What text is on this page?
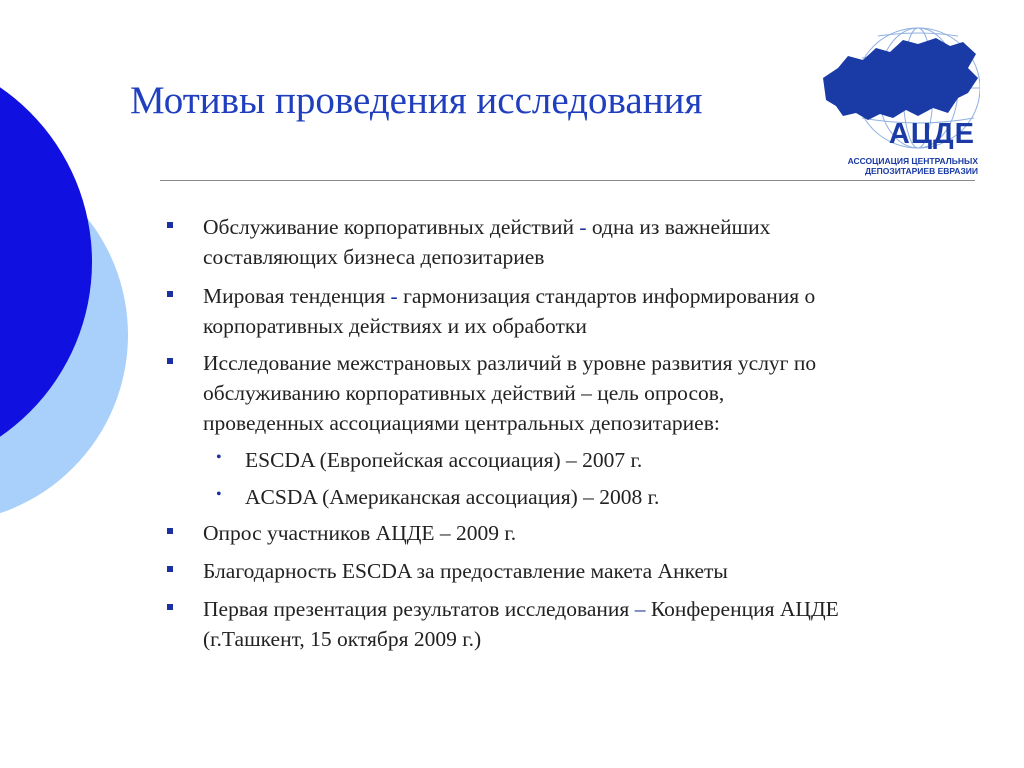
Мотивы проведения исследования
АЦДЕ
АССОЦИАЦИЯ ЦЕНТРАЛЬНЫХ
ДЕПОЗИТАРИЕВ ЕВРАЗИИ
Обслуживание корпоративных действий - одна из важнейших
составляющих бизнеса депозитариев
Мировая тенденция - гармонизация стандартов информирования о
корпоративных действиях и их обработки
Исследование межстрановых различий в уровне развития услуг по
обслуживанию корпоративных действий – цель опросов,
проведенных ассоциациями центральных депозитариев:
• ESCDA (Европейская ассоциация) – 2007 г.
• ACSDA (Американская ассоциация) – 2008 г.
Опрос участников АЦДЕ – 2009 г.
Благодарность ESCDA за предоставление макета Анкеты
Первая презентация результатов исследования – Конференция АЦДЕ
(г.Ташкент, 15 октября 2009 г.)
